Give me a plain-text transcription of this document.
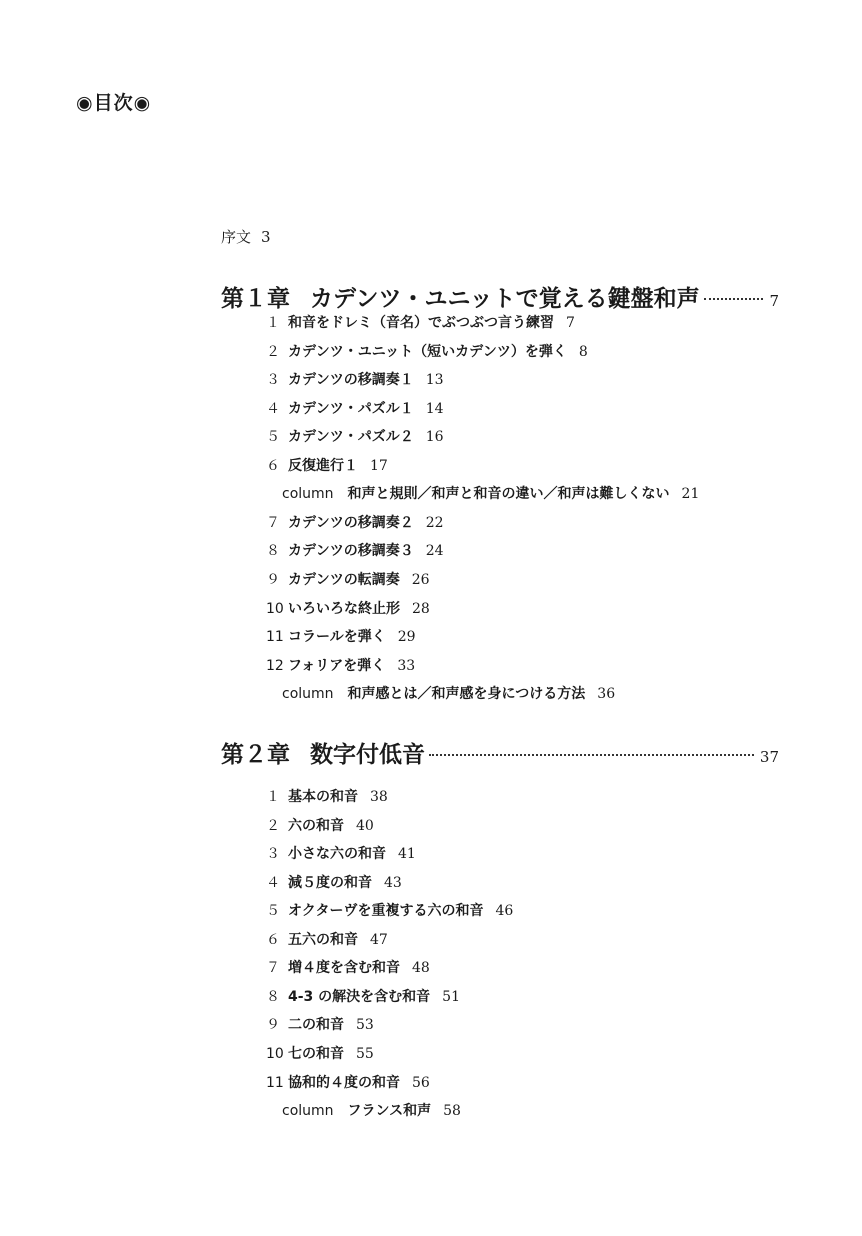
◉目次◉
序文 3
第１章 カデンツ・ユニットで覚える鍵盤和声	7
１ 和音をドレミ（音名）でぶつぶつ言う練習 7
２ カデンツ・ユニット（短いカデンツ）を弾く 8
３ カデンツの移調奏１ 13
４ カデンツ・パズル１ 14
５ カデンツ・パズル２ 16
６ 反復進行１ 17
column 和声と規則／和声と和音の違い／和声は難しくない 21
７ カデンツの移調奏２ 22
８ カデンツの移調奏３ 24
９ カデンツの転調奏 26
10 いろいろな終止形 28
11 コラールを弾く 29
12 フォリアを弾く 33
column 和声感とは／和声感を身につける方法 36
第２章 数字付低音	37
１ 基本の和音 38
２ 六の和音 40
３ 小さな六の和音 41
４ 減５度の和音 43
５ オクターヴを重複する六の和音 46
６ 五六の和音 47
７ 増４度を含む和音 48
８ 4-3 の解決を含む和音 51
９ 二の和音 53
10 七の和音 55
11 協和的４度の和音 56
column フランス和声 58
